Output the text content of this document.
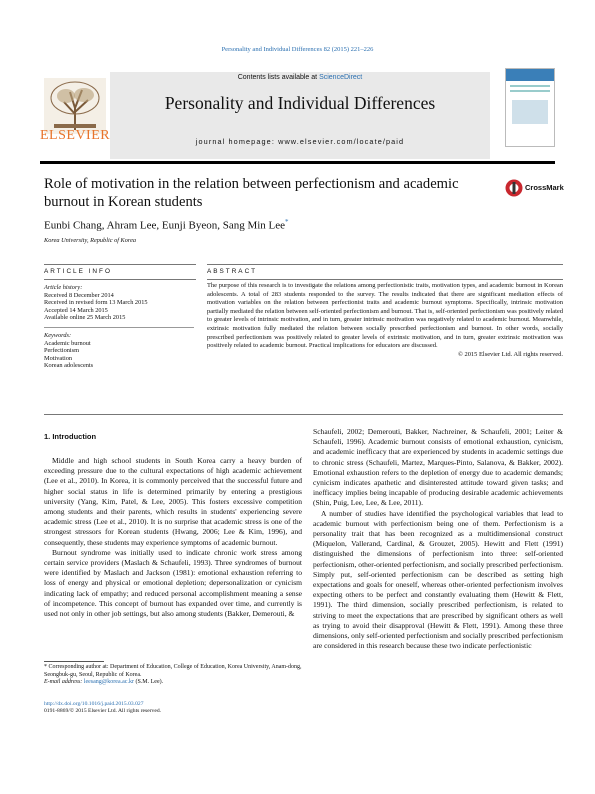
Personality and Individual Differences 82 (2015) 221–226
ELSEVIER
Contents lists available at ScienceDirect
Personality and Individual Differences
journal homepage: www.elsevier.com/locate/paid
Role of motivation in the relation between perfectionism and academic burnout in Korean students
CrossMark
Eunbi Chang, Ahram Lee, Eunji Byeon, Sang Min Lee*
Korea University, Republic of Korea
ARTICLE INFO	ABSTRACT
Article history:
Received 8 December 2014
Received in revised form 13 March 2015
Accepted 14 March 2015
Available online 25 March 2015
Keywords:
Academic burnout
Perfectionism
Motivation
Korean adolescents
The purpose of this research is to investigate the relations among perfectionistic traits, motivation types, and academic burnout in Korean adolescents. A total of 283 students responded to the survey. The results indicated that there are significant mediation effects of motivation variables on the relation between perfectionist traits and academic burnout symptoms. Specifically, intrinsic motivation partially mediated the relation between self-oriented perfectionism and burnout. That is, self-oriented perfectionism was positively related to greater levels of intrinsic motivation, and in turn, greater intrinsic motivation was negatively related to academic burnout. Meanwhile, extrinsic motivation fully mediated the relation between socially prescribed perfectionism and burnout. In other words, socially prescribed perfectionism was positively related to greater levels of extrinsic motivation, and in turn, greater extrinsic motivation was positively related to academic burnout. Practical implications for educators are discussed.
© 2015 Elsevier Ltd. All rights reserved.
1. Introduction

Middle and high school students in South Korea carry a heavy burden of exceeding pressure due to the cultural expectations of high academic achievement (Lee et al., 2010). In Korea, it is commonly perceived that the successful future and higher social status in life is determined primarily by entering a prestigious university (Yang, Kim, Patel, & Lee, 2005). This fosters excessive competition among students and their parents, which results in students' experiencing severe academic stress (Lee et al., 2010). It is no surprise that academic stress is one of the strongest stressors for Korean students (Hwang, 2006; Lee & Kim, 1996), and consequently, these students may experience symptoms of academic burnout.

Burnout syndrome was initially used to indicate chronic work stress among certain service providers (Maslach & Schaufeli, 1993). Three syndromes of burnout were identified by Maslach and Jackson (1981): emotional exhaustion referring to loss of energy and physical or emotional depletion; depersonalization or cynicism indicating lack of empathy; and reduced personal accomplishment meaning a sense of incompetence. This concept of burnout has expanded over time, and currently is used not only in other job settings, but also among students (Bakker, Demerouti, &

Schaufeli, 2002; Demerouti, Bakker, Nachreiner, & Schaufeli, 2001; Leiter & Schaufeli, 1996). Academic burnout consists of emotional exhaustion, cynicism, and academic inefficacy that are experienced by students in academic settings due to chronic stress (Schaufeli, Martez, Marques-Pinto, Salanova, & Bakker, 2002). Emotional exhaustion refers to the depletion of energy due to academic demands; cynicism indicates apathetic and disinterested attitude toward given tasks; and inefficacy implies being incapable of producing desirable academic achievements (Shin, Puig, Lee, Lee, & Lee, 2011).

A number of studies have identified the psychological variables that lead to academic burnout with perfectionism being one of them. Perfectionism is a personality trait that has been recognized as a multidimensional construct (Miquelon, Vallerand, Cardinal, & Grouzet, 2005). Hewitt and Flett (1991) distinguished the dimensions of perfectionism into three: self-oriented perfectionism, other-oriented perfectionism, and socially prescribed perfectionism. Simply put, self-oriented perfectionism can be described as setting high expectations and goals for oneself, whereas other-oriented perfectionism involves expecting others to be perfect and constantly evaluating them (Hewitt & Flett, 1991). The third dimension, socially prescribed perfectionism, is related to striving to meet the expectations that are prescribed by significant others as well as trying to avoid their disapproval (Hewitt & Flett, 1991). Among these three dimensions, only self-oriented perfectionism and socially prescribed perfectionism are considered in this research because these two indicate perfectionistic

* Corresponding author at: Department of Education, College of Education, Korea University, Anam-dong, Seongbuk-gu, Seoul, Republic of Korea.
E-mail address: leesang@korea.ac.kr (S.M. Lee).
http://dx.doi.org/10.1016/j.paid.2015.03.027
0191-8869/© 2015 Elsevier Ltd. All rights reserved.
